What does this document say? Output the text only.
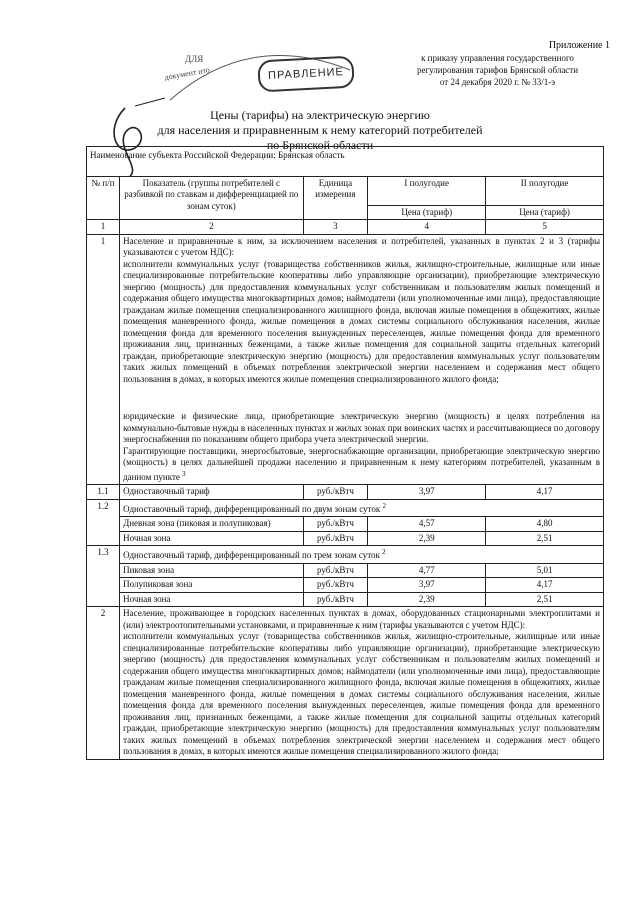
Приложение 1
к приказу управления государственного
регулирования тарифов Брянской области
от 24 декабря 2020 г. № 33/1-э
ДЛЯ
документ нто	ПРАВЛЕНИЕ
Цены (тарифы) на электрическую энергию
для населения и приравненным к нему категорий потребителей
по Брянской области
Наименование субъекта Российской Федерации: Брянская область				
№ п/п	Показатель (группы потребителей с разбивкой по ставкам и дифференциацией по зонам суток)	Единица измерения	I полугодие	II полугодие
			Цена (тариф)	Цена (тариф)
1	2	3	4	5
1	Население и приравненные к ним, за исключением населения и потребителей, указанных в пунктах 2 и 3 (тарифы указываются с учетом НДС):

исполнители коммунальных услуг (товарищества собственников жилья, жилищно-строительные, жилищные или иные специализированные потребительские кооперативы либо управляющие организации), приобретающие электрическую энергию (мощность) для предоставления коммунальных услуг собственникам и пользователям жилых помещений и содержания общего имущества многоквартирных домов; наймодатели (или уполномоченные ими лица), предоставляющие гражданам жилые помещения специализированного жилищного фонда, включая жилые помещения в общежитиях, жилые помещения маневренного фонда, жилые помещения в домах системы социального обслуживания населения, жилые помещения фонда для временного поселения вынужденных переселенцев, жилые помещения фонда для временного проживания лиц, признанных беженцами, а также жилые помещения для социальной защиты отдельных категорий граждан, приобретающие электрическую энергию (мощность) для предоставления коммунальных услуг пользователям таких жилых помещений в объемах потребления электрической энергии населением и содержания мест общего пользования в домах, в которых имеются жилые помещения специализированного жилого фонда;

юридические и физические лица, приобретающие электрическую энергию (мощность) в целях потребления на коммунально-бытовые нужды в населенных пунктах и жилых зонах при воинских частях и рассчитывающиеся по договору энергоснабжения по показаниям общего прибора учета электрической энергии.

Гарантирующие поставщики, энергосбытовые, энергоснабжающие организации, приобретающие электрическую энергию (мощность) в целях дальнейшей продажи населению и приравненным к нему категориям потребителей, указанным в данном пункте $^3$

1.1	Одноставочный тариф	руб./кВтч	3,97	4,17
1.2	Одноставочный тариф, дифференцированный по двум зонам суток $^2$
	Дневная зона (пиковая и полупиковая)	руб./кВтч	4,57	4,80
	Ночная зона	руб./кВтч	2,39	2,51
1.3	Одноставочный тариф, дифференцированный по трем зонам суток $^2$
	Пиковая зона	руб./кВтч	4,77	5,01
	Полупиковая зона	руб./кВтч	3,97	4,17
	Ночная зона	руб./кВтч	2,39	2,51
2	Население, проживающее в городских населенных пунктах в домах, оборудованных стационарными электроплитами и (или) электроотопительными установками, и приравненные к ним (тарифы указываются с учетом НДС):

исполнители коммунальных услуг (товарищества собственников жилья, жилищно-строительные, жилищные или иные специализированные потребительские кооперативы либо управляющие организации), приобретающие электрическую энергию (мощность) для предоставления коммунальных услуг собственникам и пользователям жилых помещений и содержания общего имущества многоквартирных домов; наймодатели (или уполномоченные ими лица), предоставляющие гражданам жилые помещения специализированного жилищного фонда, включая жилые помещения в общежитиях, жилые помещения маневренного фонда, жилые помещения в домах системы социального обслуживания населения, жилые помещения фонда для временного поселения вынужденных переселенцев, жилые помещения фонда для временного проживания лиц, признанных беженцами, а также жилые помещения для социальной защиты отдельных категорий граждан, приобретающие электрическую энергию (мощность) для предоставления коммунальных услуг пользователям таких жилых помещений в объемах потребления электрической энергии населением и содержания мест общего пользования в домах, в которых имеются жилые помещения специализированного жилого фонда;			
